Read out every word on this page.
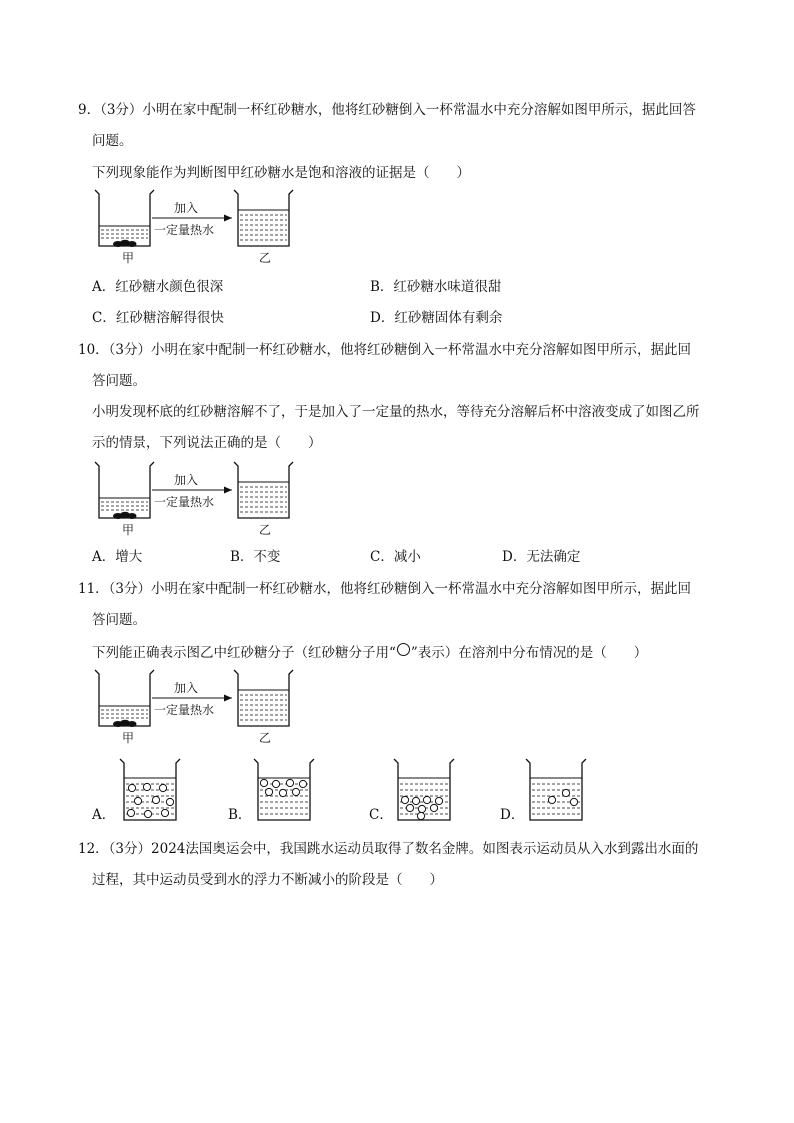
9．（3分）小明在家中配制一杯红砂糖水，他将红砂糖倒入一杯常温水中充分溶解如图甲所示，据此回答
问题。
下列现象能作为判断图甲红砂糖水是饱和溶液的证据是（　　）
甲
加入
一定量热水
乙
A．红砂糖水颜色很深	B．红砂糖水味道很甜
C．红砂糖溶解得很快	D．红砂糖固体有剩余
10．（3分）小明在家中配制一杯红砂糖水，他将红砂糖倒入一杯常温水中充分溶解如图甲所示，据此回
答问题。
小明发现杯底的红砂糖溶解不了，于是加入了一定量的热水，等待充分溶解后杯中溶液变成了如图乙所
示的情景，下列说法正确的是（　　）
甲
加入
一定量热水
乙
A．增大	B．不变	C．减小	D．无法确定
11．（3分）小明在家中配制一杯红砂糖水，他将红砂糖倒入一杯常温水中充分溶解如图甲所示，据此回
答问题。
下列能正确表示图乙中红砂糖分子（红砂糖分子用“ ”表示）在溶剂中分布情况的是（　　）
甲
加入
一定量热水
乙
A．	B．	C．	D．
12．（3分）2024法国奥运会中，我国跳水运动员取得了数名金牌。如图表示运动员从入水到露出水面的
过程，其中运动员受到水的浮力不断减小的阶段是（　　）
